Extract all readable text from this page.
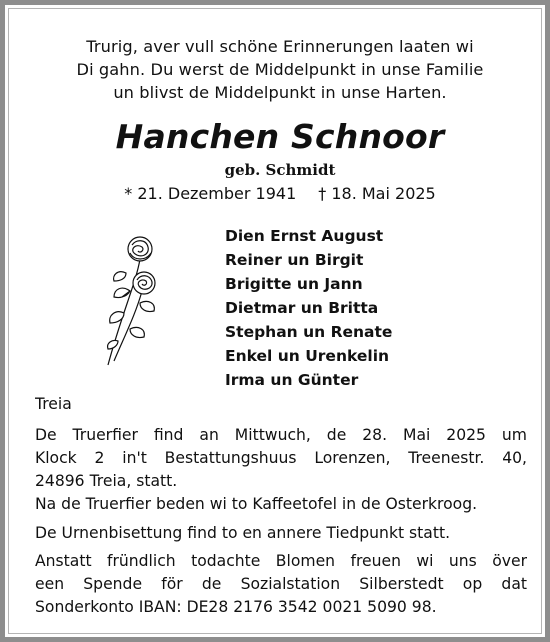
Trurig, aver vull schöne Erinnerungen laaten wi
Di gahn. Du werst de Middelpunkt in unse Familie
un blivst de Middelpunkt in unse Harten.
Hanchen Schnoor
geb. Schmidt
* 21. Dezember 1941 † 18. Mai 2025
Dien Ernst August
Reiner un Birgit
Brigitte un Jann
Dietmar un Britta
Stephan un Renate
Enkel un Urenkelin
Irma un Günter
Treia
De Truerfier find an Mittwuch, de 28. Mai 2025 um
Klock 2 in't Bestattungshuus Lorenzen, Treenestr. 40,
24896 Treia, statt.
Na de Truerfier beden wi to Kaffeetofel in de Osterkroog.
De Urnenbisettung find to en annere Tiedpunkt statt.
Anstatt fründlich todachte Blomen freuen wi uns över
een Spende för de Sozialstation Silberstedt op dat
Sonderkonto IBAN: DE28 2176 3542 0021 5090 98.
